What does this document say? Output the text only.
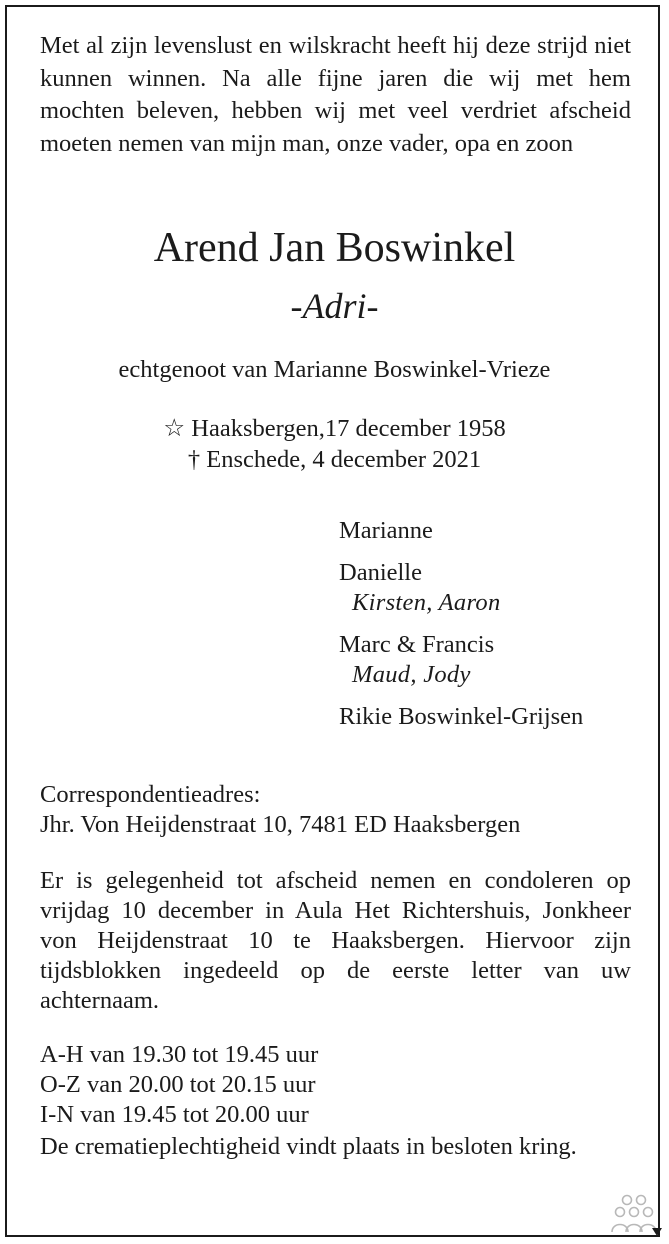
Met al zijn levenslust en wilskracht heeft hij deze strijd niet kunnen winnen. Na alle fijne jaren die wij met hem mochten beleven, hebben wij met veel verdriet afscheid moeten nemen van mijn man, onze vader, opa en zoon

Arend Jan Boswinkel

-Adri-

echtgenoot van Marianne Boswinkel-Vrieze

☆ Haaksbergen,17 december 1958
† Enschede, 4 december 2021
Marianne
Danielle
Kirsten, Aaron
Marc & Francis
Maud, Jody
Rikie Boswinkel-Grijsen
Correspondentieadres:
Jhr. Von Heijdenstraat 10, 7481 ED Haaksbergen

Er is gelegenheid tot afscheid nemen en condoleren op vrijdag 10 december in Aula Het Richtershuis, Jonkheer von Heijdenstraat 10 te Haaksbergen. Hiervoor zijn tijdsblokken ingedeeld op de eerste letter van uw achternaam.

A-H van 19.30 tot 19.45 uur
O-Z van 20.00 tot 20.15 uur
I-N van 19.45 tot 20.00 uur

De crematieplechtigheid vindt plaats in besloten kring.
